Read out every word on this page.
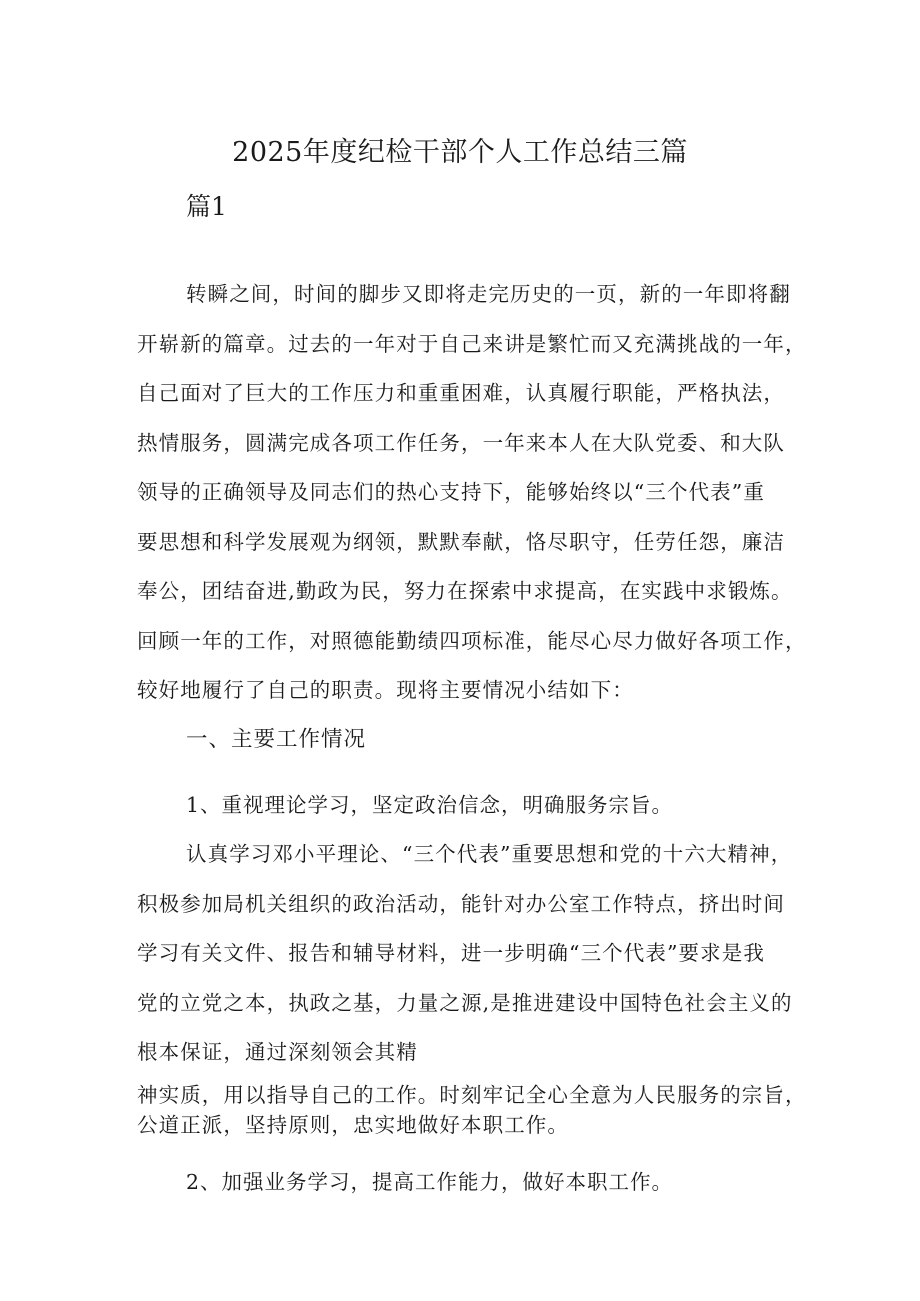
2025年度纪检干部个人工作总结三篇
篇1
转瞬之间，时间的脚步又即将走完历史的一页，新的一年即将翻
开崭新的篇章。过去的一年对于自己来讲是繁忙而又充满挑战的一年，
自己面对了巨大的工作压力和重重困难，认真履行职能，严格执法，
热情服务，圆满完成各项工作任务，一年来本人在大队党委、和大队
领导的正确领导及同志们的热心支持下，能够始终以“三个代表”重
要思想和科学发展观为纲领，默默奉献，恪尽职守，任劳任怨，廉洁
奉公，团结奋进,勤政为民，努力在探索中求提高，在实践中求锻炼。
回顾一年的工作，对照德能勤绩四项标准，能尽心尽力做好各项工作，
较好地履行了自己的职责。现将主要情况小结如下：
一、主要工作情况
1、重视理论学习，坚定政治信念，明确服务宗旨。
认真学习邓小平理论、“三个代表”重要思想和党的十六大精神，
积极参加局机关组织的政治活动，能针对办公室工作特点，挤出时间
学习有关文件、报告和辅导材料，进一步明确“三个代表”要求是我
党的立党之本，执政之基，力量之源,是推进建设中国特色社会主义的
根本保证，通过深刻领会其精
神实质，用以指导自己的工作。时刻牢记全心全意为人民服务的宗旨，
公道正派，坚持原则，忠实地做好本职工作。
2、加强业务学习，提高工作能力，做好本职工作。
